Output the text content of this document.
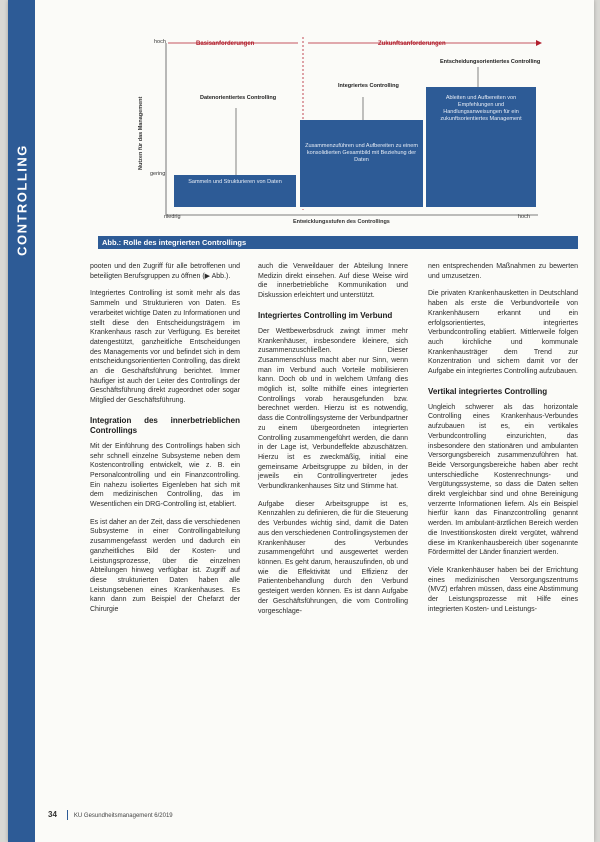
CONTROLLING
hoch
gering
Nutzen für das Management
niedrig	hoch
Entwicklungsstufen des Controllings
Basisanforderungen	Zukunftsanforderungen
Datenorientiertes Controlling
Sammeln und Strukturieren von Daten
Integriertes Controlling
Zusammenzuführen und Aufbereiten zu einem konsolidierten Gesamtbild mit Beziehung der Daten
Entscheidungsorientiertes Controlling
Ableiten und Aufbereiten von Empfehlungen und Handlungsanweisungen für ein zukunftsorientiertes Management
Abb.: Rolle des integrierten Controllings

pooten und den Zugriff für alle betroffenen und beteiligten Berufsgruppen zu öffnen (▶ Abb.).

Integriertes Controlling ist somit mehr als das Sammeln und Strukturieren von Daten. Es verarbeitet wichtige Daten zu Informationen und stellt diese den Entscheidungsträgern im Krankenhaus rasch zur Verfügung. Es bereitet datengestützt, ganzheitliche Entscheidungen des Managements vor und befindet sich in dem entscheidungsorientierten Controlling, das direkt an die Geschäftsführung berichtet. Immer häufiger ist auch der Leiter des Controllings der Geschäftsführung direkt zugeordnet oder sogar Mitglied der Geschäftsführung.

Integration des innerbetrieblichen Controllings

Mit der Einführung des Controllings haben sich sehr schnell einzelne Subsysteme neben dem Kostencontrolling entwickelt, wie z. B. ein Personalcontrolling und ein Finanzcontrolling. Ein nahezu isoliertes Eigenleben hat sich mit dem medizinischen Controlling, das im Wesentlichen ein DRG-Controlling ist, etabliert.

Es ist daher an der Zeit, dass die verschiedenen Subsysteme in einer Controllingabteilung zusammengefasst werden und dadurch ein ganzheitliches Bild der Kosten- und Leistungsprozesse, über die einzelnen Abteilungen hinweg verfügbar ist. Zugriff auf diese strukturierten Daten haben alle Leistungsebenen eines Krankenhauses. Es kann dann zum Beispiel der Chefarzt der Chirurgie

auch die Verweildauer der Abteilung Innere Medizin direkt einsehen. Auf diese Weise wird die innerbetriebliche Kommunikation und Diskussion erleichtert und unterstützt.

Integriertes Controlling im Verbund

Der Wettbewerbsdruck zwingt immer mehr Krankenhäuser, insbesondere kleinere, sich zusammenzuschließen. Dieser Zusammenschluss macht aber nur Sinn, wenn man im Verbund auch Vorteile mobilisieren kann. Doch ob und in welchem Umfang dies möglich ist, sollte mithilfe eines integrierten Controllings vorab herausgefunden bzw. berechnet werden. Hierzu ist es notwendig, dass die Controllingsysteme der Verbundpartner zu einem übergeordneten integrierten Controlling zusammengeführt werden, die dann in der Lage ist, Verbundeffekte abzuschätzen. Hierzu ist es zweckmäßig, initial eine gemeinsame Arbeitsgruppe zu bilden, in der jeweils ein Controllingvertreter jedes Verbundkrankenhauses Sitz und Stimme hat.

Aufgabe dieser Arbeitsgruppe ist es, Kennzahlen zu definieren, die für die Steuerung des Verbundes wichtig sind, damit die Daten aus den verschiedenen Controllingsystemen der Krankenhäuser des Verbundes zusammengeführt und ausgewertet werden können. Es geht darum, herauszufinden, ob und wie die Effektivität und Effizienz der Patientenbehandlung durch den Verbund gesteigert werden können. Es ist dann Aufgabe der Geschäftsführungen, die vom Controlling vorgeschlage-

nen entsprechenden Maßnahmen zu bewerten und umzusetzen.

Die privaten Krankenhausketten in Deutschland haben als erste die Verbundvorteile von Krankenhäusern erkannt und ein erfolgsorientiertes, integriertes Verbundcontrolling etabliert. Mittlerweile folgen auch kirchliche und kommunale Krankenhausträger dem Trend zur Konzentration und sichern damit vor der Aufgabe ein integriertes Controlling aufzubauen.

Vertikal integriertes Controlling

Ungleich schwerer als das horizontale Controlling eines Krankenhaus-Verbundes aufzubauen ist es, ein vertikales Verbundcontrolling einzurichten, das insbesondere den stationären und ambulanten Versorgungsbereich zusammenzuführen hat. Beide Versorgungsbereiche haben aber recht unterschiedliche Kostenrechnungs- und Vergütungssysteme, so dass die Daten selten direkt vergleichbar sind und ohne Bereinigung verzerrte Informationen liefern. Als ein Beispiel hierfür kann das Finanzcontrolling genannt werden. Im ambulant-ärztlichen Bereich werden die Investitionskosten direkt vergütet, während diese im Krankenhausbereich über sogenannte Fördermittel der Länder finanziert werden.

Viele Krankenhäuser haben bei der Errichtung eines medizinischen Versorgungszentrums (MVZ) erfahren müssen, dass eine Abstimmung der Leistungsprozesse mit Hilfe eines integrierten Kosten- und Leistungs-

34	KU Gesundheitsmanagement 6/2019
